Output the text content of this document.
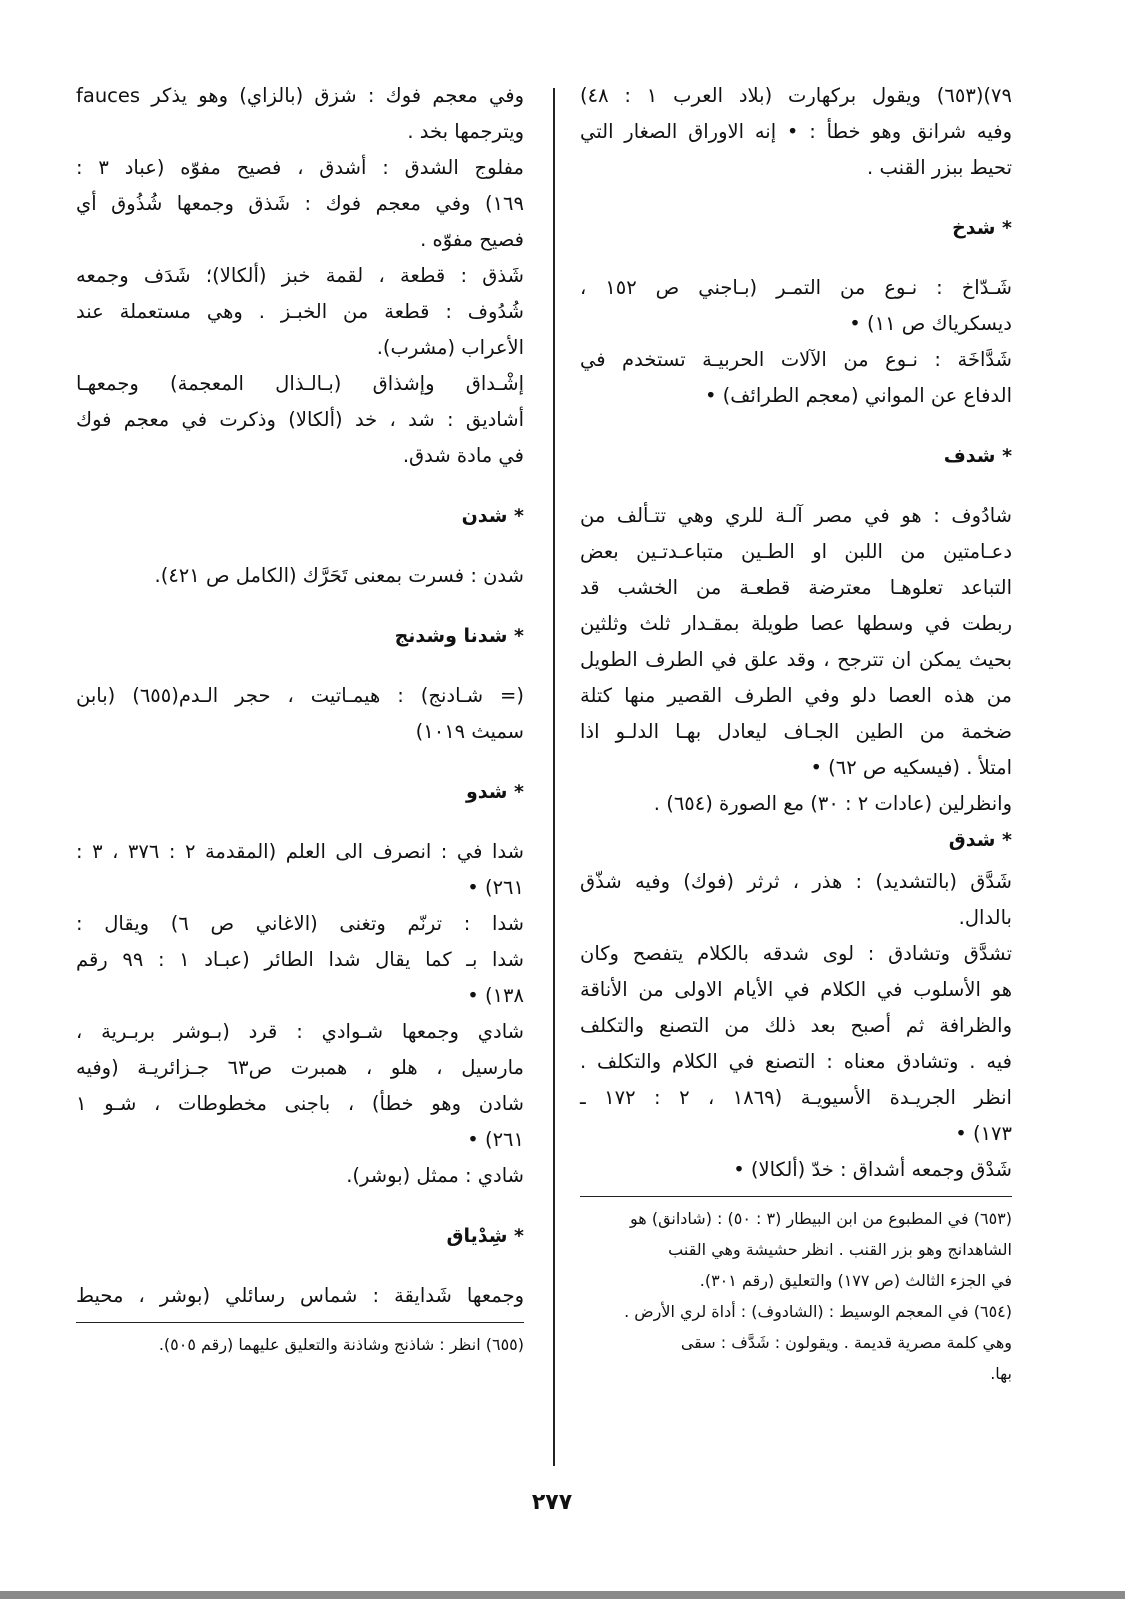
٧٩)(٦٥٣) ويقول بركهارت (بلاد العرب ١ : ٤٨)
وفيه شرانق وهو خطأ : • إنه الاوراق الصغار التي
تحيط ببزر القنب .
* شدخ
شَـدّاخ : نـوع من التمـر (بـاجني ص ١٥٢ ،
ديسكرياك ص ١١) •
شَدَّاخَة : نـوع من الآلات الحربيـة تستخدم في
الدفاع عن المواني (معجم الطرائف) •
* شدف
شادُوف : هو في مصر آلـة للري وهي تتـألف من
دعـامتين من اللبن او الطـين متباعـدتـين بعض
التباعد تعلوهـا معترضة قطعـة من الخشب قد
ربطت في وسطها عصا طويلة بمقـدار ثلث وثلثين
بحيث يمكن ان تترجح ، وقد علق في الطرف الطويل
من هذه العصا دلو وفي الطرف القصير منها كتلة
ضخمة من الطين الجـاف ليعادل بهـا الدلـو اذا
امتلأ . (فيسكيه ص ٦٢) •
وانظرلين (عادات ٢ : ٣٠) مع الصورة (٦٥٤) .
* شدق
شَدَّق (بالتشديد) : هذر ، ثرثر (فوك) وفيه شذّق
بالدال.
تشدَّق وتشادق : لوى شدقه بالكلام يتفصح وكان
هو الأسلوب في الكلام في الأيام الاولى من الأناقة
والظرافة ثم أصبح بعد ذلك من التصنع والتكلف
فيه . وتشادق معناه : التصنع في الكلام والتكلف .
انظر الجريـدة الأسيويـة (١٨٦٩ ، ٢ : ١٧٢ ـ
١٧٣) •
شَدْق وجمعه أشداق : خدّ (ألكالا) •
(٦٥٣) في المطبوع من ابن البيطار (٣ : ٥٠) : (شادانق) هو
الشاهدانج وهو بزر القنب . انظر حشيشة وهي القنب
في الجزء الثالث (ص ١٧٧) والتعليق (رقم ٣٠١).
(٦٥٤) في المعجم الوسيط : (الشادوف) : أداة لري الأرض .
وهي كلمة مصرية قديمة . ويقولون : شَدَّف : سقى
بها.
وفي معجم فوك : شزق (بالزاي) وهو يذكر fauces
ويترجمها بخد .
مفلوج الشدق : أشدق ، فصيح مفوّه (عباد ٣ :
١٦٩) وفي معجم فوك : شَذق وجمعها شُذُوق أي
فصيح مفوّه .
شَذق : قطعة ، لقمة خبز (ألكالا)؛ شَدَف وجمعه
شُدُوف : قطعة من الخبـز . وهي مستعملة عند
الأعراب (مشرب).
إشْـداق وإشذاق (بـالـذال المعجمة) وجمعهـا
أشاديق : شد ، خد (ألكالا) وذكرت في معجم فوك
في مادة شدق.
* شدن
شدن : فسرت بمعنى تَحَرَّك (الكامل ص ٤٢١).
* شدنا وشدنج
(= شـادنج) : هيمـاتيت ، حجر الـدم(٦٥٥) (بابن
سميث ١٠١٩)
* شدو
شدا في : انصرف الى العلم (المقدمة ٢ : ٣٧٦ ، ٣ :
٢٦١) •
شدا : ترنّم وتغنى (الاغاني ص ٦) ويقال :
شدا بـ كما يقال شدا الطائر (عبـاد ١ : ٩٩ رقم
١٣٨) •
شادي وجمعها شـوادي : قرد (بـوشر بربـرية ،
مارسيل ، هلو ، همبرت ص٦٣ جـزائريـة (وفيه
شادن وهو خطأ) ، باجنى مخطوطات ، شـو ١
٢٦١) •
شادي : ممثل (بوشر).
* شِدْياق
وجمعها شَدايقة : شماس رسائلي (بوشر ، محيط
(٦٥٥) انظر : شاذنج وشاذنة والتعليق عليهما (رقم ٥٠٥).
٢٧٧
